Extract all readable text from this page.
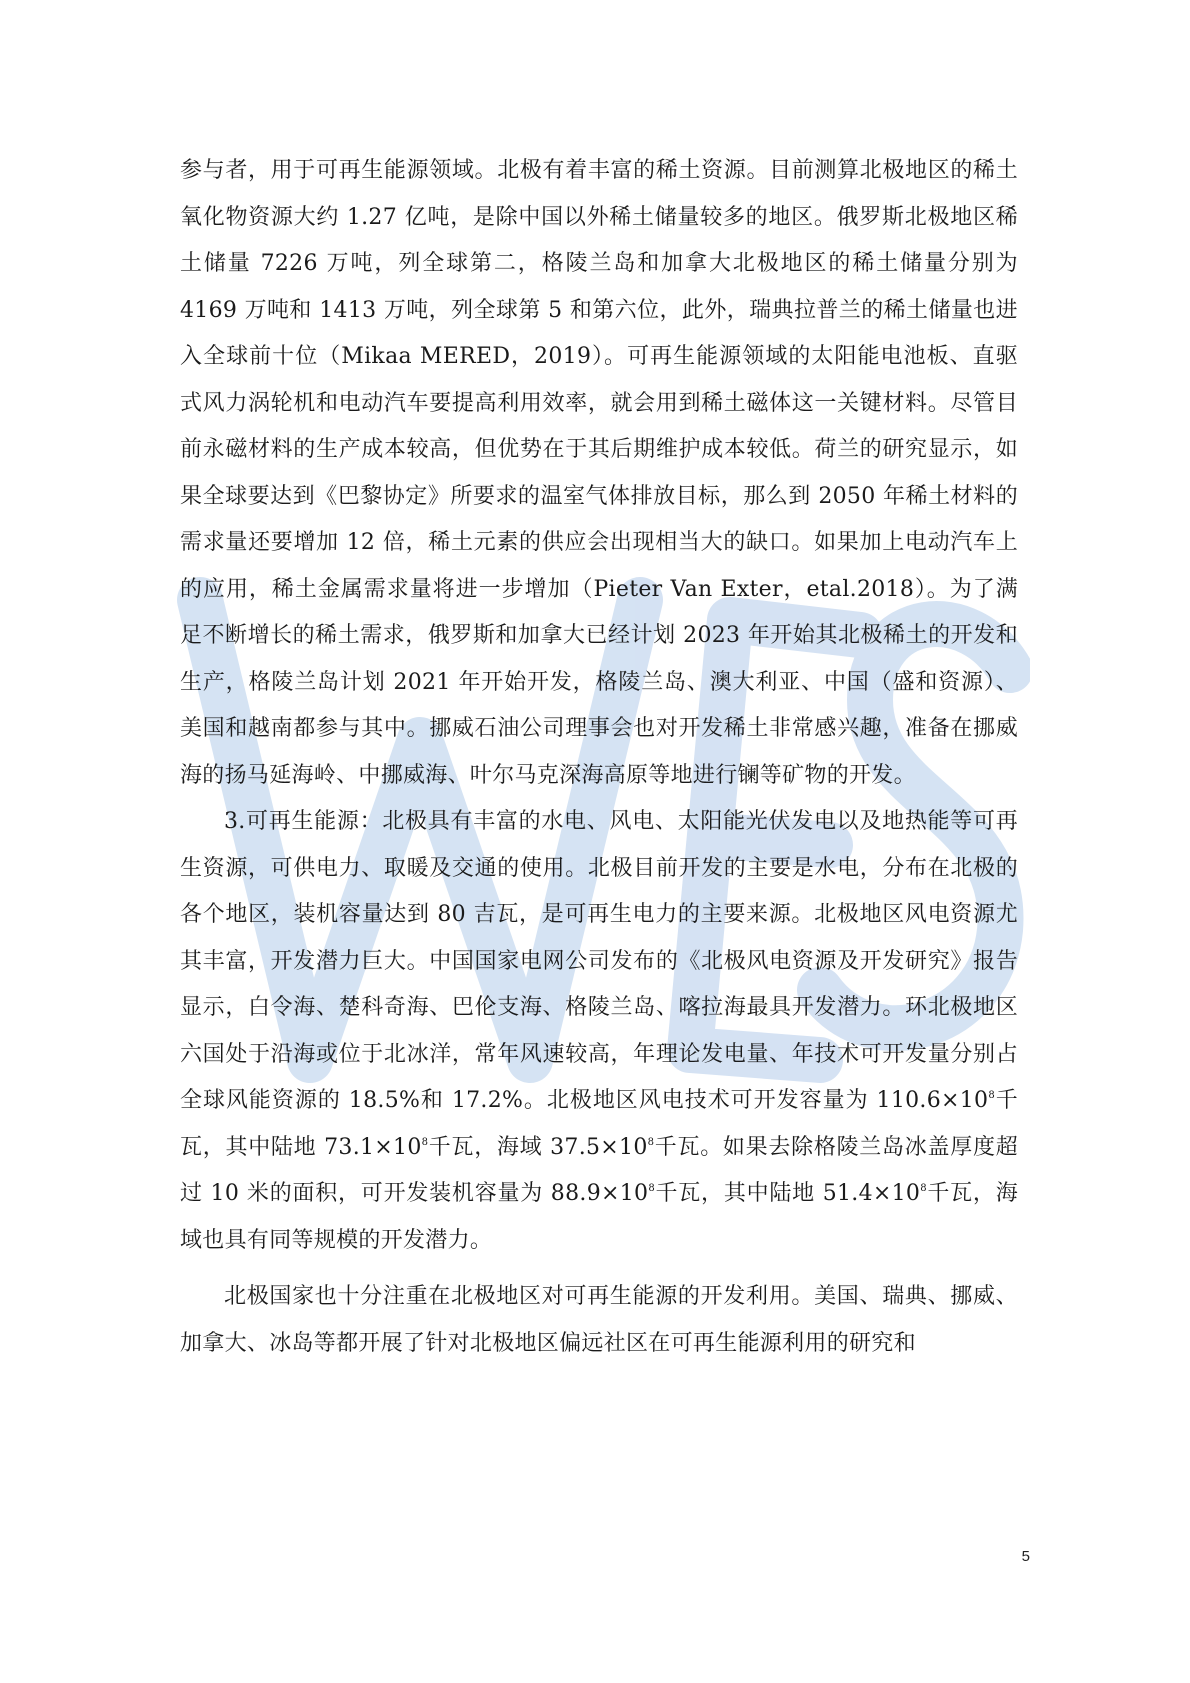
参与者，用于可再生能源领域。北极有着丰富的稀土资源。目前测算北极地区的稀土氧化物资源大约 1.27 亿吨，是除中国以外稀土储量较多的地区。俄罗斯北极地区稀土储量 7226 万吨，列全球第二，格陵兰岛和加拿大北极地区的稀土储量分别为 4169 万吨和 1413 万吨，列全球第 5 和第六位，此外，瑞典拉普兰的稀土储量也进入全球前十位（Mikaa MERED，2019）。可再生能源领域的太阳能电池板、直驱式风力涡轮机和电动汽车要提高利用效率，就会用到稀土磁体这一关键材料。尽管目前永磁材料的生产成本较高，但优势在于其后期维护成本较低。荷兰的研究显示，如果全球要达到《巴黎协定》所要求的温室气体排放目标，那么到 2050 年稀土材料的需求量还要增加 12 倍，稀土元素的供应会出现相当大的缺口。如果加上电动汽车上的应用，稀土金属需求量将进一步增加（Pieter Van Exter，etal.2018）。为了满足不断增长的稀土需求，俄罗斯和加拿大已经计划 2023 年开始其北极稀土的开发和生产，格陵兰岛计划 2021 年开始开发，格陵兰岛、澳大利亚、中国（盛和资源）、美国和越南都参与其中。挪威石油公司理事会也对开发稀土非常感兴趣，准备在挪威海的扬马延海岭、中挪威海、叶尔马克深海高原等地进行镧等矿物的开发。

3.可再生能源：北极具有丰富的水电、风电、太阳能光伏发电以及地热能等可再生资源，可供电力、取暖及交通的使用。北极目前开发的主要是水电，分布在北极的各个地区，装机容量达到 80 吉瓦，是可再生电力的主要来源。北极地区风电资源尤其丰富，开发潜力巨大。中国国家电网公司发布的《北极风电资源及开发研究》报告显示，白令海、楚科奇海、巴伦支海、格陵兰岛、喀拉海最具开发潜力。环北极地区六国处于沿海或位于北冰洋，常年风速较高，年理论发电量、年技术可开发量分别占全球风能资源的 18.5%和 17.2%。北极地区风电技术可开发容量为 $110.6\times 10^8$千瓦，其中陆地 $73.1\times 10^8$千瓦，海域 $37.5\times 10^8$千瓦。如果去除格陵兰岛冰盖厚度超过 10 米的面积，可开发装机容量为 $88.9\times 10^8$千瓦，其中陆地 $51.4\times 10^8$千瓦，海域也具有同等规模的开发潜力。

北极国家也十分注重在北极地区对可再生能源的开发利用。美国、瑞典、挪威、加拿大、冰岛等都开展了针对北极地区偏远社区在可再生能源利用的研究和

5
